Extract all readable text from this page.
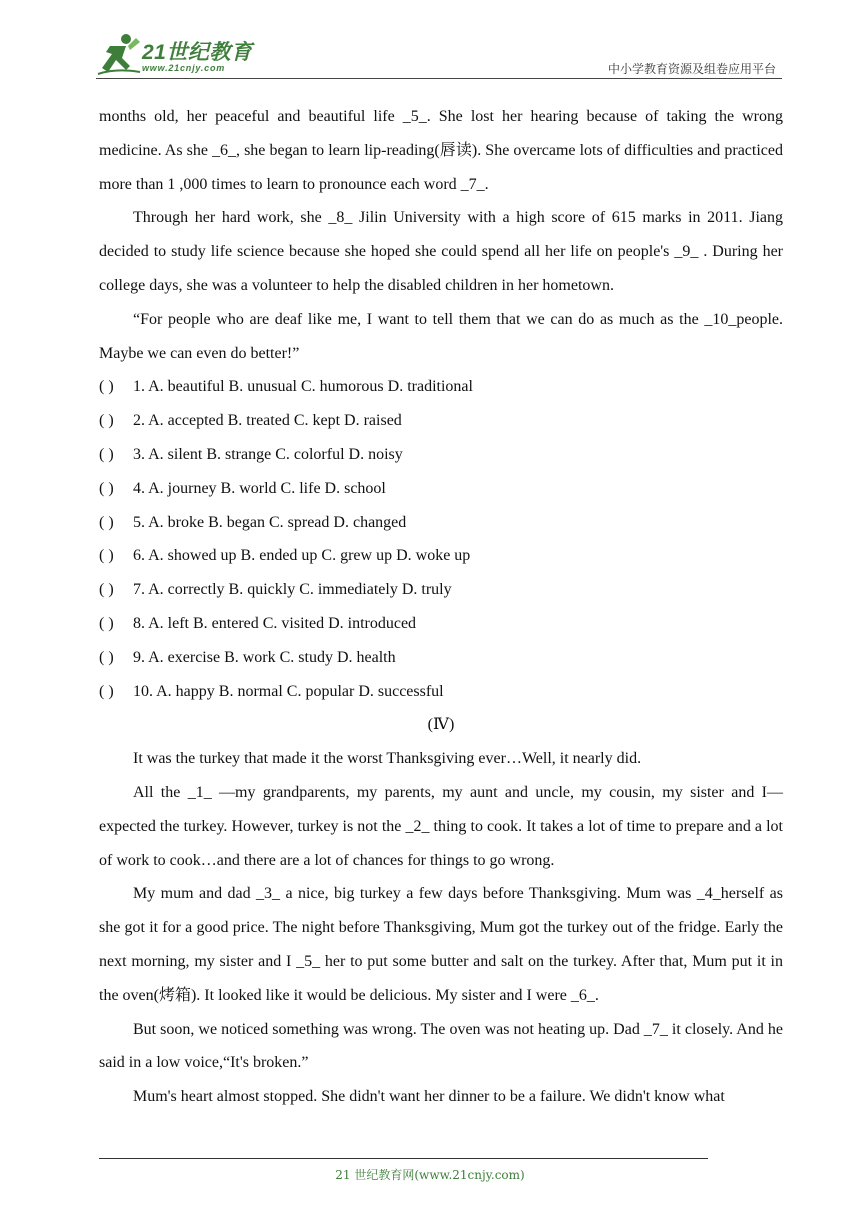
21世纪教育
www.21cnjy.com	中小学教育资源及组卷应用平台

months old, her peaceful and beautiful life _5_. She lost her hearing because of taking the wrong medicine. As she _6_, she began to learn lip-reading(唇读). She overcame lots of difficulties and practiced more than 1 ,000 times to learn to pronounce each word _7_.

Through her hard work, she _8_ Jilin University with a high score of 615 marks in 2011. Jiang decided to study life science because she hoped she could spend all her life on people's _9_ . During her college days, she was a volunteer to help the disabled children in her hometown.

“For people who are deaf like me, I want to tell them that we can do as much as the _10_people. Maybe we can even do better!”

( ) 1. A. beautiful B. unusual C. humorous D. traditional

( ) 2. A. accepted B. treated C. kept D. raised

( ) 3. A. silent B. strange C. colorful D. noisy

( ) 4. A. journey B. world C. life D. school

( ) 5. A. broke B. began C. spread D. changed

( ) 6. A. showed up B. ended up C. grew up D. woke up

( ) 7. A. correctly B. quickly C. immediately D. truly

( ) 8. A. left B. entered C. visited D. introduced

( ) 9. A. exercise B. work C. study D. health

( ) 10. A. happy B. normal C. popular D. successful

(Ⅳ)

It was the turkey that made it the worst Thanksgiving ever…Well, it nearly did.

All the _1_ —my grandparents, my parents, my aunt and uncle, my cousin, my sister and I—expected the turkey. However, turkey is not the _2_ thing to cook. It takes a lot of time to prepare and a lot of work to cook…and there are a lot of chances for things to go wrong.

My mum and dad _3_ a nice, big turkey a few days before Thanksgiving. Mum was _4_herself as she got it for a good price. The night before Thanksgiving, Mum got the turkey out of the fridge. Early the next morning, my sister and I _5_ her to put some butter and salt on the turkey. After that, Mum put it in the oven(烤箱). It looked like it would be delicious. My sister and I were _6_.

But soon, we noticed something was wrong. The oven was not heating up. Dad _7_ it closely. And he said in a low voice,“It's broken.”

Mum's heart almost stopped. She didn't want her dinner to be a failure. We didn't know what

21 世纪教育网(www.21cnjy.com)
